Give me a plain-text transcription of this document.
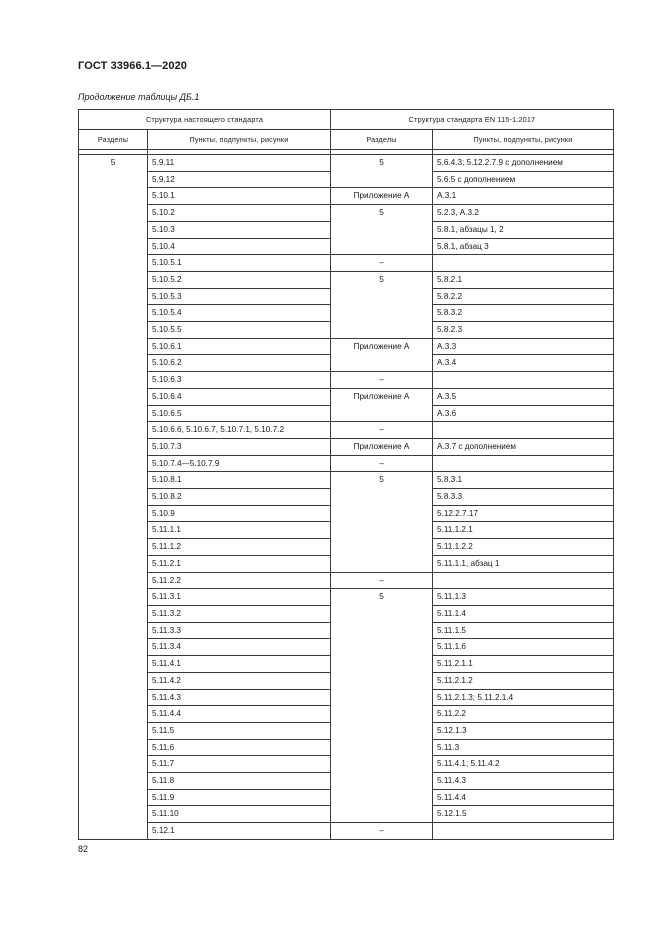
ГОСТ 33966.1—2020
Продолжение таблицы ДБ.1
Структура настоящего стандарта		Структура стандарта EN 115-1:2017	
Разделы	Пункты, подпункты, рисунки	Разделы	Пункты, подпункты, рисунки

5	5.9.11	5	5.6.4.3; 5.12.2.7.9 с дополнением
	5.9.12		5.6.5 с дополнением
	5.10.1	Приложение А	А.3.1
	5.10.2	5	5.2.3, А.3.2
	5.10.3		5.8.1, абзацы 1, 2
	5.10.4		5.8.1, абзац 3
	5.10.5.1	–	
	5.10.5.2	5	5.8.2.1
	5.10.5.3		5.8.2.2
	5.10.5.4		5.8.3.2
	5.10.5.5		5.8.2.3
	5.10.6.1	Приложение А	А.3.3
	5.10.6.2		А.3.4
	5.10.6.3	–	
	5.10.6.4	Приложение А	А.3.5
	5.10.6.5		А.3.6
	5.10.6.6, 5.10.6.7, 5.10.7.1, 5.10.7.2	–	
	5.10.7.3	Приложение А	А.3.7 с дополнением
	5.10.7.4—5.10.7.9	–	
	5.10.8.1	5	5.8.3.1
	5.10.8.2		5.8.3.3
	5.10.9		5.12.2.7.17
	5.11.1.1		5.11.1.2.1
	5.11.1.2		5.11.1.2.2
	5.11.2.1		5.11.1.1, абзац 1
	5.11.2.2	–	
	5.11.3.1	5	5.11.1.3
	5.11.3.2		5.11.1.4
	5.11.3.3		5.11.1.5
	5.11.3.4		5.11.1.6
	5.11.4.1		5.11.2.1.1
	5.11.4.2		5.11.2.1.2
	5.11.4.3		5.11.2.1.3; 5.11.2.1.4
	5.11.4.4		5.11.2.2
	5.11.5		5.12.1.3
	5.11.6		5.11.3
	5.11.7		5.11.4.1; 5.11.4.2
	5.11.8		5.11.4.3
	5.11.9		5.11.4.4
	5.11.10		5.12.1.5
	5.12.1	–	
82
